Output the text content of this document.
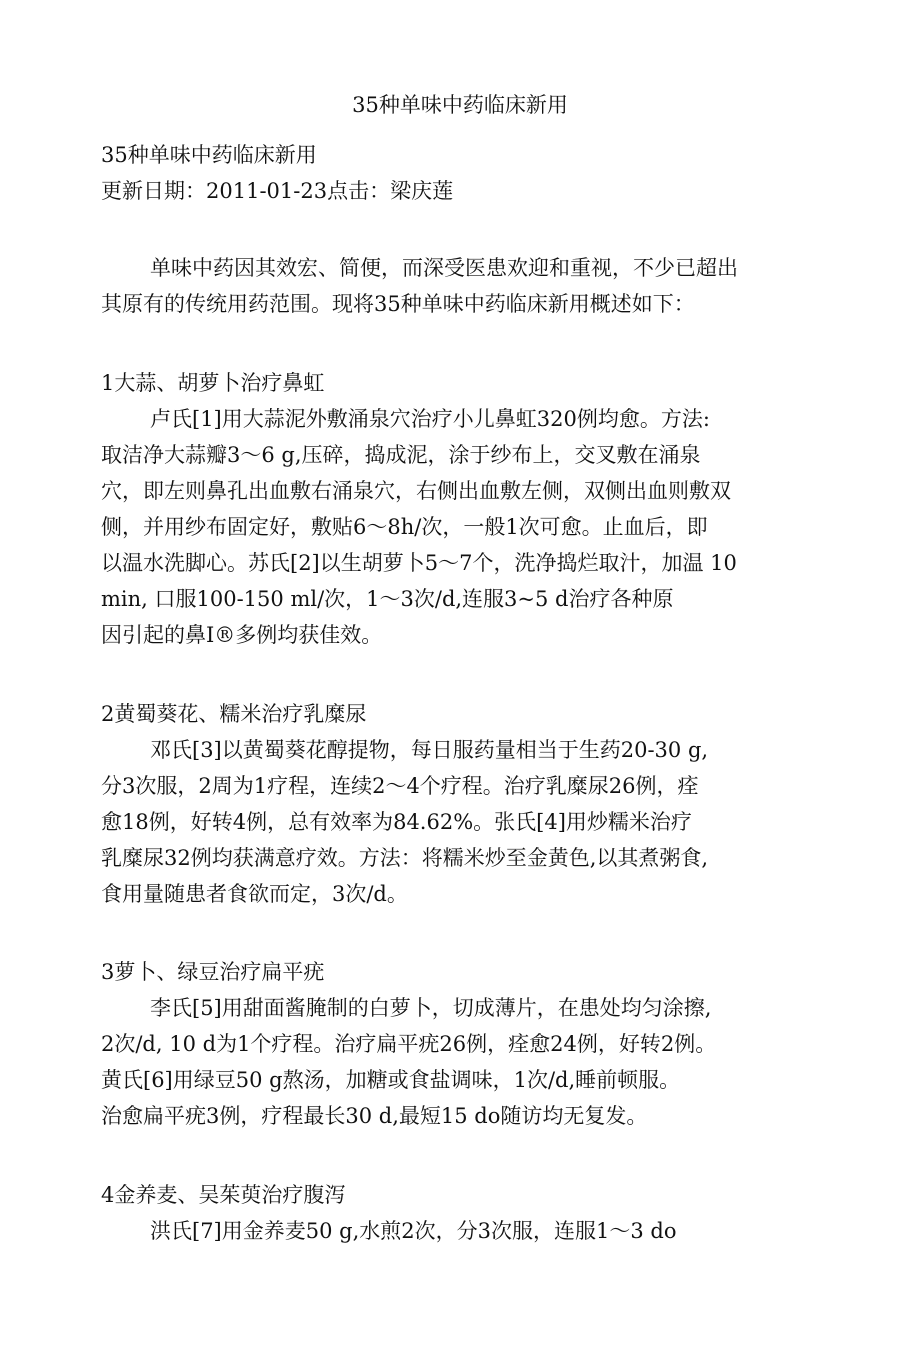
35种单味中药临床新用
35种单味中药临床新用
更新日期：2011-01-23点击：梁庆莲
单味中药因其效宏、简便，而深受医患欢迎和重视，不少已超出
其原有的传统用药范围。现将35种单味中药临床新用概述如下：
1大蒜、胡萝卜治疗鼻虹
卢氏[1]用大蒜泥外敷涌泉穴治疗小儿鼻虹320例均愈。方法:
取洁净大蒜瓣3～6 g,压碎，捣成泥，涂于纱布上，交叉敷在涌泉
穴，即左则鼻孔出血敷右涌泉穴，右侧出血敷左侧，双侧出血则敷双
侧，并用纱布固定好，敷贴6～8h/次，一般1次可愈。止血后，即
以温水洗脚心。苏氏[2]以生胡萝卜5～7个，洗净捣烂取汁，加温 10
min, 口服100-150 ml/次，1～3次/d,连服3~5 d治疗各种原
因引起的鼻I®多例均获佳效。
2黄蜀葵花、糯米治疗乳糜尿
邓氏[3]以黄蜀葵花醇提物，每日服药量相当于生药20-30 g,
分3次服，2周为1疗程，连续2～4个疗程。治疗乳糜尿26例，痊
愈18例，好转4例，总有效率为84.62%。张氏[4]用炒糯米治疗
乳糜尿32例均获满意疗效。方法：将糯米炒至金黄色,以其煮粥食,
食用量随患者食欲而定，3次/d。
3萝卜、绿豆治疗扁平疣
李氏[5]用甜面酱腌制的白萝卜，切成薄片，在患处均匀涂擦,
2次/d, 10 d为1个疗程。治疗扁平疣26例，痊愈24例，好转2例。
黄氏[6]用绿豆50 g熬汤，加糖或食盐调味，1次/d,睡前顿服。
治愈扁平疣3例，疗程最长30 d,最短15 do随访均无复发。
4金养麦、吴茱萸治疗腹泻
洪氏[7]用金养麦50 g,水煎2次，分3次服，连服1～3 do
